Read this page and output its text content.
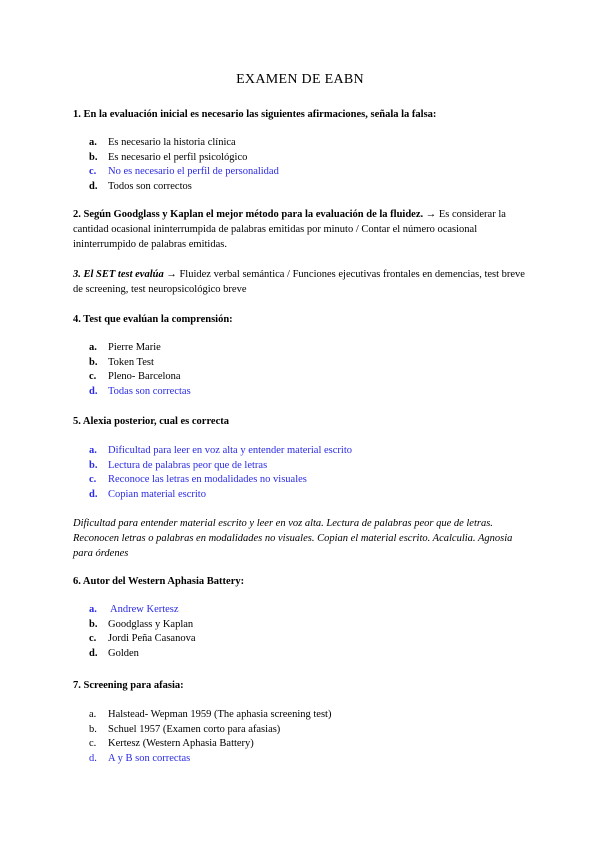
EXAMEN DE EABN
1. En la evaluación inicial es necesario las siguientes afirmaciones, señala la falsa:
a. Es necesario la historia clínica
b. Es necesario el perfil psicológico
c. No es necesario el perfil de personalidad
d. Todos son correctos
2. Según Goodglass y Kaplan el mejor método para la evaluación de la fluidez. → Es considerar la cantidad ocasional ininterrumpida de palabras emitidas por minuto / Contar el número ocasional ininterrumpido de palabras emitidas.
3. El SET test evalúa → Fluidez verbal semántica / Funciones ejecutivas frontales en demencias, test breve de screening, test neuropsicológico breve
4. Test que evalúan la comprensión:
a. Pierre Marie
b. Token Test
c. Pleno- Barcelona
d. Todas son correctas
5. Alexia posterior, cual es correcta
a. Dificultad para leer en voz alta y entender material escrito
b. Lectura de palabras peor que de letras
c. Reconoce las letras en modalidades no visuales
d. Copian material escrito
Dificultad para entender material escrito y leer en voz alta. Lectura de palabras peor que de letras. Reconocen letras o palabras en modalidades no visuales. Copian el material escrito. Acalculia. Agnosia para órdenes
6. Autor del Western Aphasia Battery:
a. Andrew Kertesz
b. Goodglass y Kaplan
c. Jordi Peña Casanova
d. Golden
7. Screening para afasia:
a. Halstead- Wepman 1959 (The aphasia screening test)
b. Schuel 1957 (Examen corto para afasias)
c. Kertesz (Western Aphasia Battery)
d. A y B son correctas
